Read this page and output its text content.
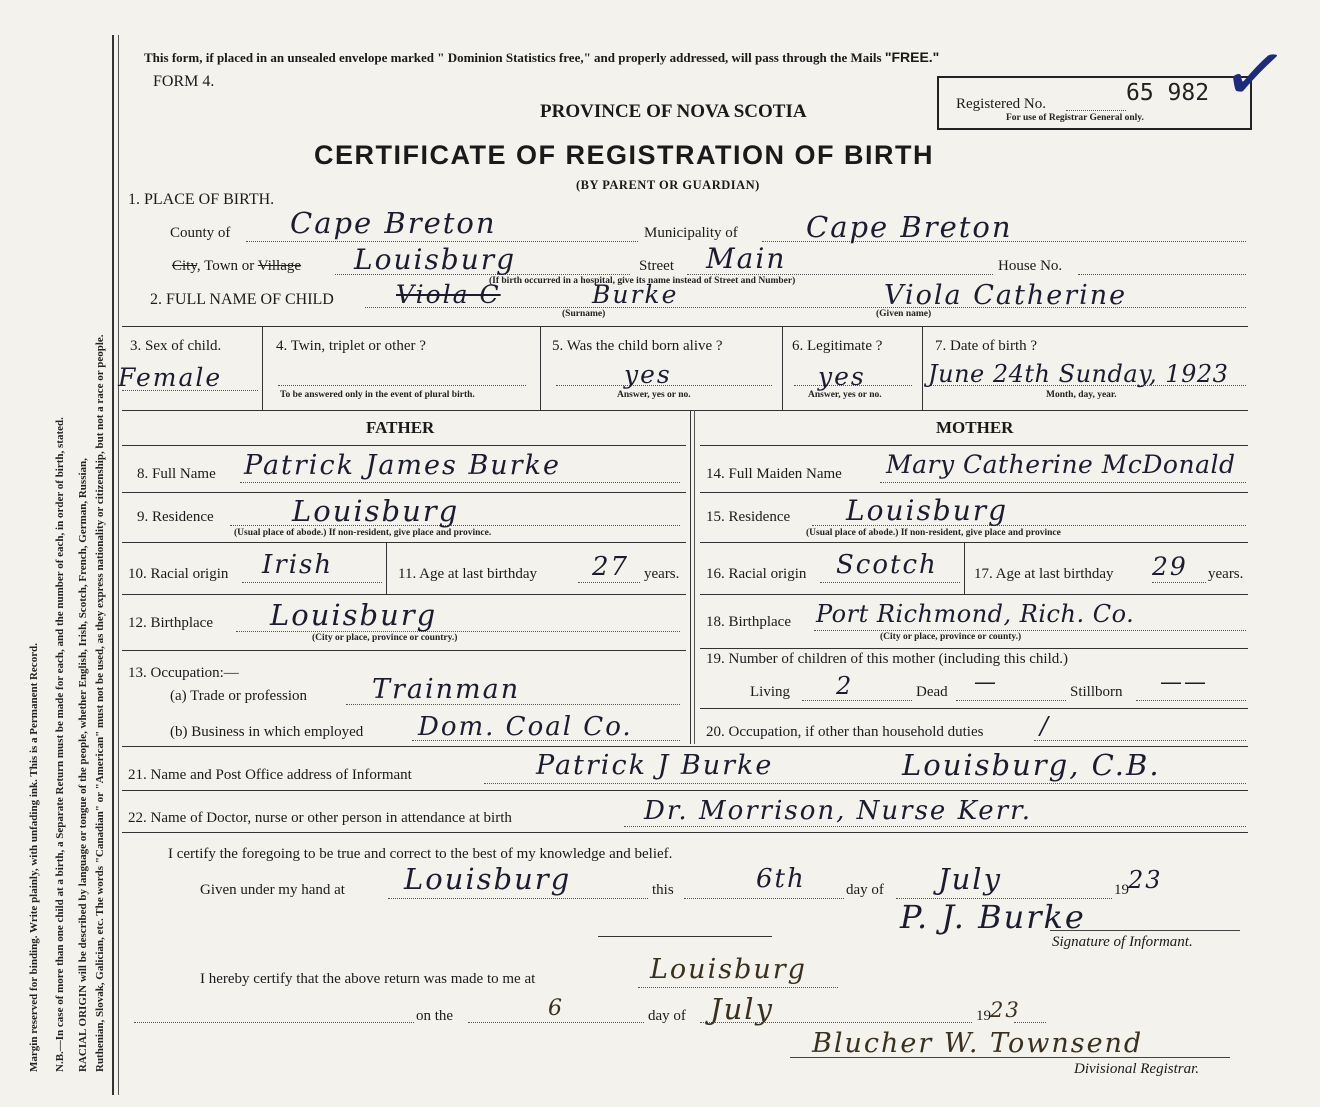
Margin reserved for binding. Write plainly, with unfading ink. This is a Permanent Record. N.B.—In case of more than one child at a birth, a Separate Return must be made for each, and the number of each, in order of birth, stated. RACIAL ORIGIN will be described by language or tongue of the people, whether English, Irish, Scotch, French, German, Russian, Ruthenian, Slovak, Galician, etc. The words "Canadian" or "American" must not be used, as they express nationality or citizenship, but not a race or people.
This form, if placed in an unsealed envelope marked " Dominion Statistics free," and properly addressed, will pass through the Mails "FREE."
FORM 4.
PROVINCE OF NOVA SCOTIA	Registered No.	65 982
For use of Registrar General only. ✓
CERTIFICATE OF REGISTRATION OF BIRTH
(BY PARENT OR GUARDIAN)
1. PLACE OF BIRTH.
County of Cape Breton	Municipality of Cape Breton
City, Town or Village Louisburg	Street Main	House No.
(If birth occurred in a hospital, give its name instead of Street and Number)
2. FULL NAME OF CHILD Viola C	Burke
(Surname)
Viola Catherine
(Given name)
3. Sex of child.
Female
4. Twin, triplet or other ?
To be answered only in the event of plural birth.
5. Was the child born alive ?
yes
Answer, yes or no.
6. Legitimate ?
yes
Answer, yes or no.
7. Date of birth ?
June 24th Sunday, 1923
Month, day, year.
FATHER	MOTHER
8. Full Name Patrick James Burke
9. Residence	Louisburg
(Usual place of abode.) If non-resident, give place and province.
10. Racial origin Irish	11. Age at last birthday 27 years.
12. Birthplace Louisburg
(City or place, province or country.)
13. Occupation:—
(a) Trade or profession Trainman
(b) Business in which employed Dom. Coal Co.
14. Full Maiden Name Mary Catherine McDonald
15. Residence Louisburg
(Usual place of abode.) If non-resident, give place and province
16. Racial origin Scotch 17. Age at last birthday 29 years.
18. Birthplace Port Richmond, Rich. Co.
(City or place, province or county.)
19. Number of children of this mother (including this child.)
Living 2	Dead —	Stillborn ——
20. Occupation, if other than household duties /
21. Name and Post Office address of Informant	Patrick J Burke	Louisburg, C.B.
22. Name of Doctor, nurse or other person in attendance at birth	Dr. Morrison, Nurse Kerr.
I certify the foregoing to be true and correct to the best of my knowledge and belief.
Given under my hand at Louisburg	this	6th	day of July	19 23
P. J. Burke
Signature of Informant.
I hereby certify that the above return was made to me at	Louisburg
on the	6	day of July	19 23
Blucher W. Townsend
Divisional Registrar.
